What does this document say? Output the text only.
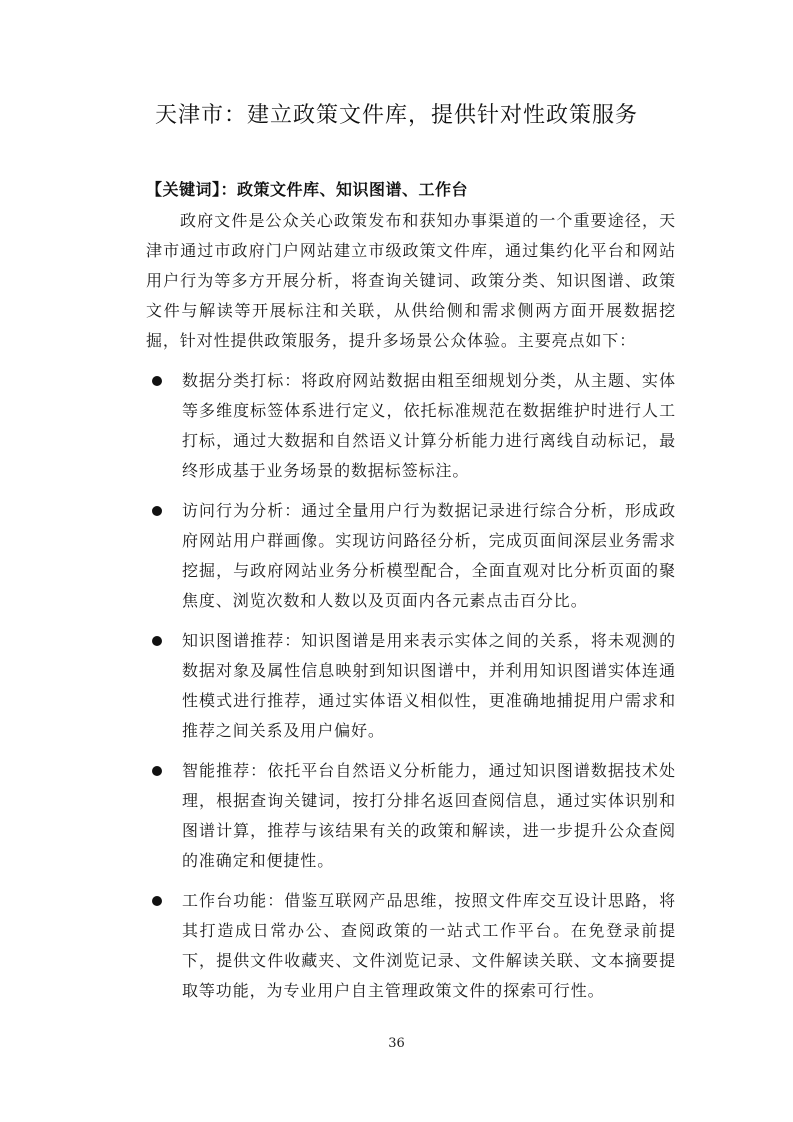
天津市：建立政策文件库，提供针对性政策服务
【关键词】：政策文件库、知识图谱、工作台

政府文件是公众关心政策发布和获知办事渠道的一个重要途径，天津市通过市政府门户网站建立市级政策文件库，通过集约化平台和网站用户行为等多方开展分析，将查询关键词、政策分类、知识图谱、政策文件与解读等开展标注和关联，从供给侧和需求侧两方面开展数据挖掘，针对性提供政策服务，提升多场景公众体验。主要亮点如下：

数据分类打标：将政府网站数据由粗至细规划分类，从主题、实体等多维度标签体系进行定义，依托标准规范在数据维护时进行人工打标，通过大数据和自然语义计算分析能力进行离线自动标记，最终形成基于业务场景的数据标签标注。
访问行为分析：通过全量用户行为数据记录进行综合分析，形成政府网站用户群画像。实现访问路径分析，完成页面间深层业务需求挖掘，与政府网站业务分析模型配合，全面直观对比分析页面的聚焦度、浏览次数和人数以及页面内各元素点击百分比。
知识图谱推荐：知识图谱是用来表示实体之间的关系，将未观测的数据对象及属性信息映射到知识图谱中，并利用知识图谱实体连通性模式进行推荐，通过实体语义相似性，更准确地捕捉用户需求和推荐之间关系及用户偏好。
智能推荐：依托平台自然语义分析能力，通过知识图谱数据技术处理，根据查询关键词，按打分排名返回查阅信息，通过实体识别和图谱计算，推荐与该结果有关的政策和解读，进一步提升公众查阅的准确定和便捷性。
工作台功能：借鉴互联网产品思维，按照文件库交互设计思路，将其打造成日常办公、查阅政策的一站式工作平台。在免登录前提下，提供文件收藏夹、文件浏览记录、文件解读关联、文本摘要提取等功能，为专业用户自主管理政策文件的探索可行性。
36
